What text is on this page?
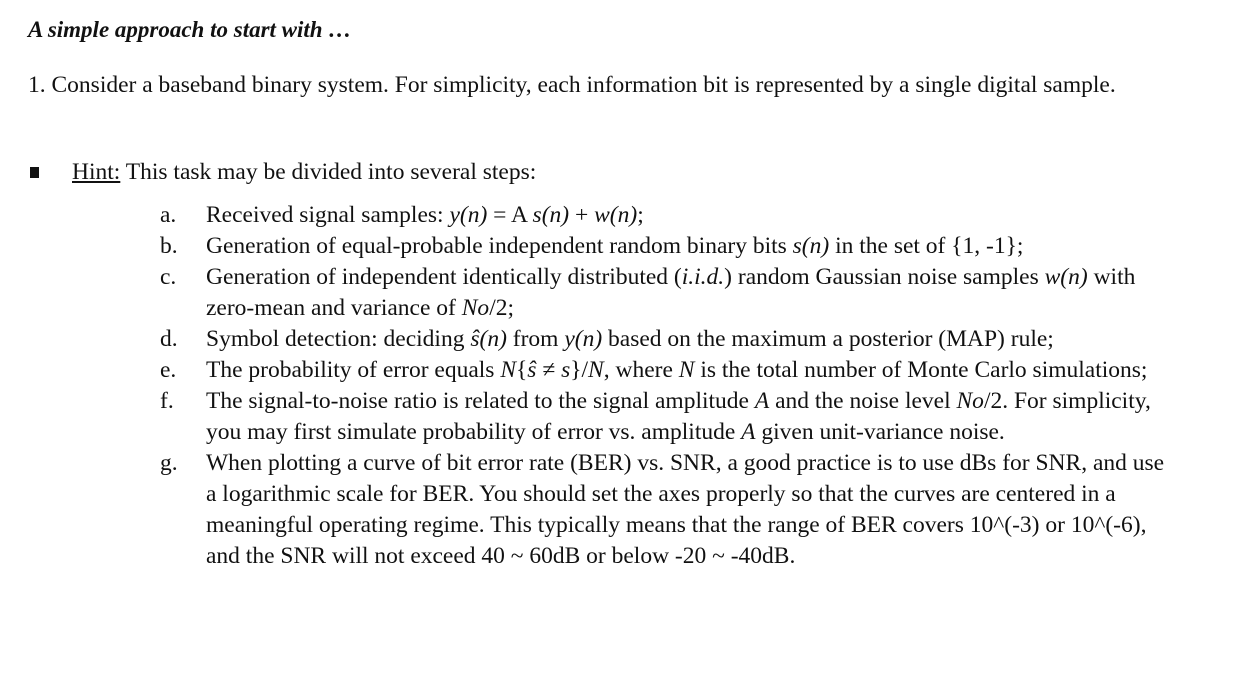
A simple approach to start with …
1. Consider a baseband binary system. For simplicity, each information bit is represented by a single digital sample.
Hint: This task may be divided into several steps:
a.	Received signal samples: y(n) = A s(n) + w(n);
b.	Generation of equal-probable independent random binary bits s(n) in the set of {1, -1};
c.	Generation of independent identically distributed (i.i.d.) random Gaussian noise samples w(n) with zero-mean and variance of No/2;
d.	Symbol detection: deciding ŝ(n) from y(n) based on the maximum a posterior (MAP) rule;
e.	The probability of error equals N{ŝ ≠ s}/N, where N is the total number of Monte Carlo simulations;
f.	The signal-to-noise ratio is related to the signal amplitude A and the noise level No/2. For simplicity, you may first simulate probability of error vs. amplitude A given unit-variance noise.
g.	When plotting a curve of bit error rate (BER) vs. SNR, a good practice is to use dBs for SNR, and use a logarithmic scale for BER. You should set the axes properly so that the curves are centered in a meaningful operating regime. This typically means that the range of BER covers 10^(-3) or 10^(-6), and the SNR will not exceed 40 ~ 60dB or below -20 ~ -40dB.
